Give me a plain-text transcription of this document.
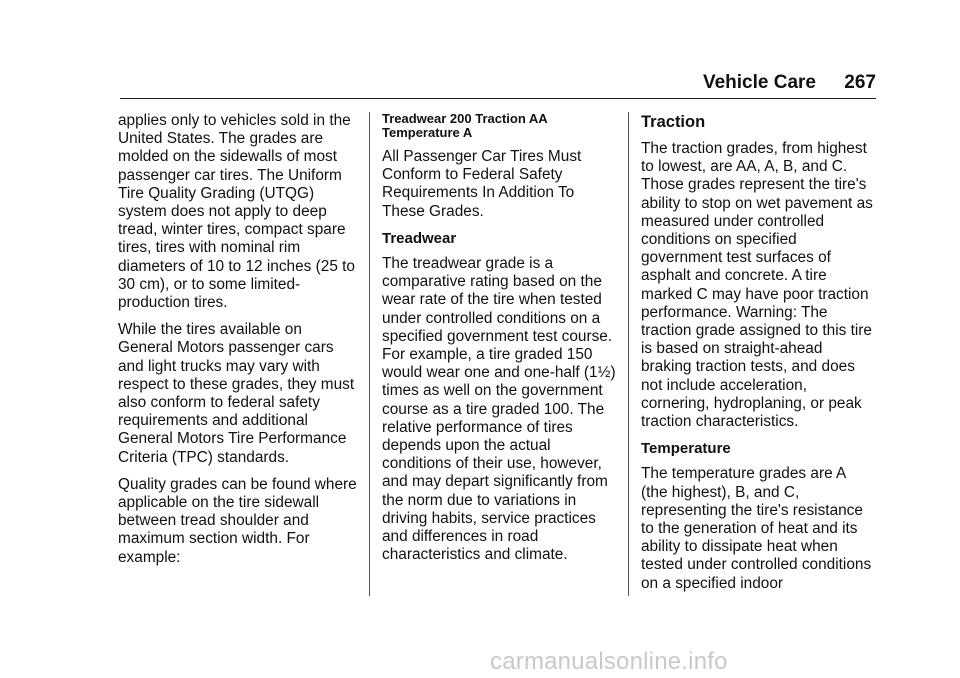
Vehicle Care 267

applies only to vehicles sold in the United States. The grades are molded on the sidewalls of most passenger car tires. The Uniform Tire Quality Grading (UTQG) system does not apply to deep tread, winter tires, compact spare tires, tires with nominal rim diameters of 10 to 12 inches (25 to 30 cm), or to some limited-production tires.

While the tires available on General Motors passenger cars and light trucks may vary with respect to these grades, they must also conform to federal safety requirements and additional General Motors Tire Performance Criteria (TPC) standards.

Quality grades can be found where applicable on the tire sidewall between tread shoulder and maximum section width. For example:

Treadwear 200 Traction AA Temperature A
All Passenger Car Tires Must Conform to Federal Safety Requirements In Addition To These Grades.
Treadwear

The treadwear grade is a comparative rating based on the wear rate of the tire when tested under controlled conditions on a specified government test course. For example, a tire graded 150 would wear one and one-half (1½) times as well on the government course as a tire graded 100. The relative performance of tires depends upon the actual conditions of their use, however, and may depart significantly from the norm due to variations in driving habits, service practices and differences in road characteristics and climate.

Traction

The traction grades, from highest to lowest, are AA, A, B, and C. Those grades represent the tire's ability to stop on wet pavement as measured under controlled conditions on specified government test surfaces of asphalt and concrete. A tire marked C may have poor traction performance. Warning: The traction grade assigned to this tire is based on straight-ahead braking traction tests, and does not include acceleration, cornering, hydroplaning, or peak traction characteristics.

Temperature

The temperature grades are A (the highest), B, and C, representing the tire's resistance to the generation of heat and its ability to dissipate heat when tested under controlled conditions on a specified indoor

carmanualsonline.info
